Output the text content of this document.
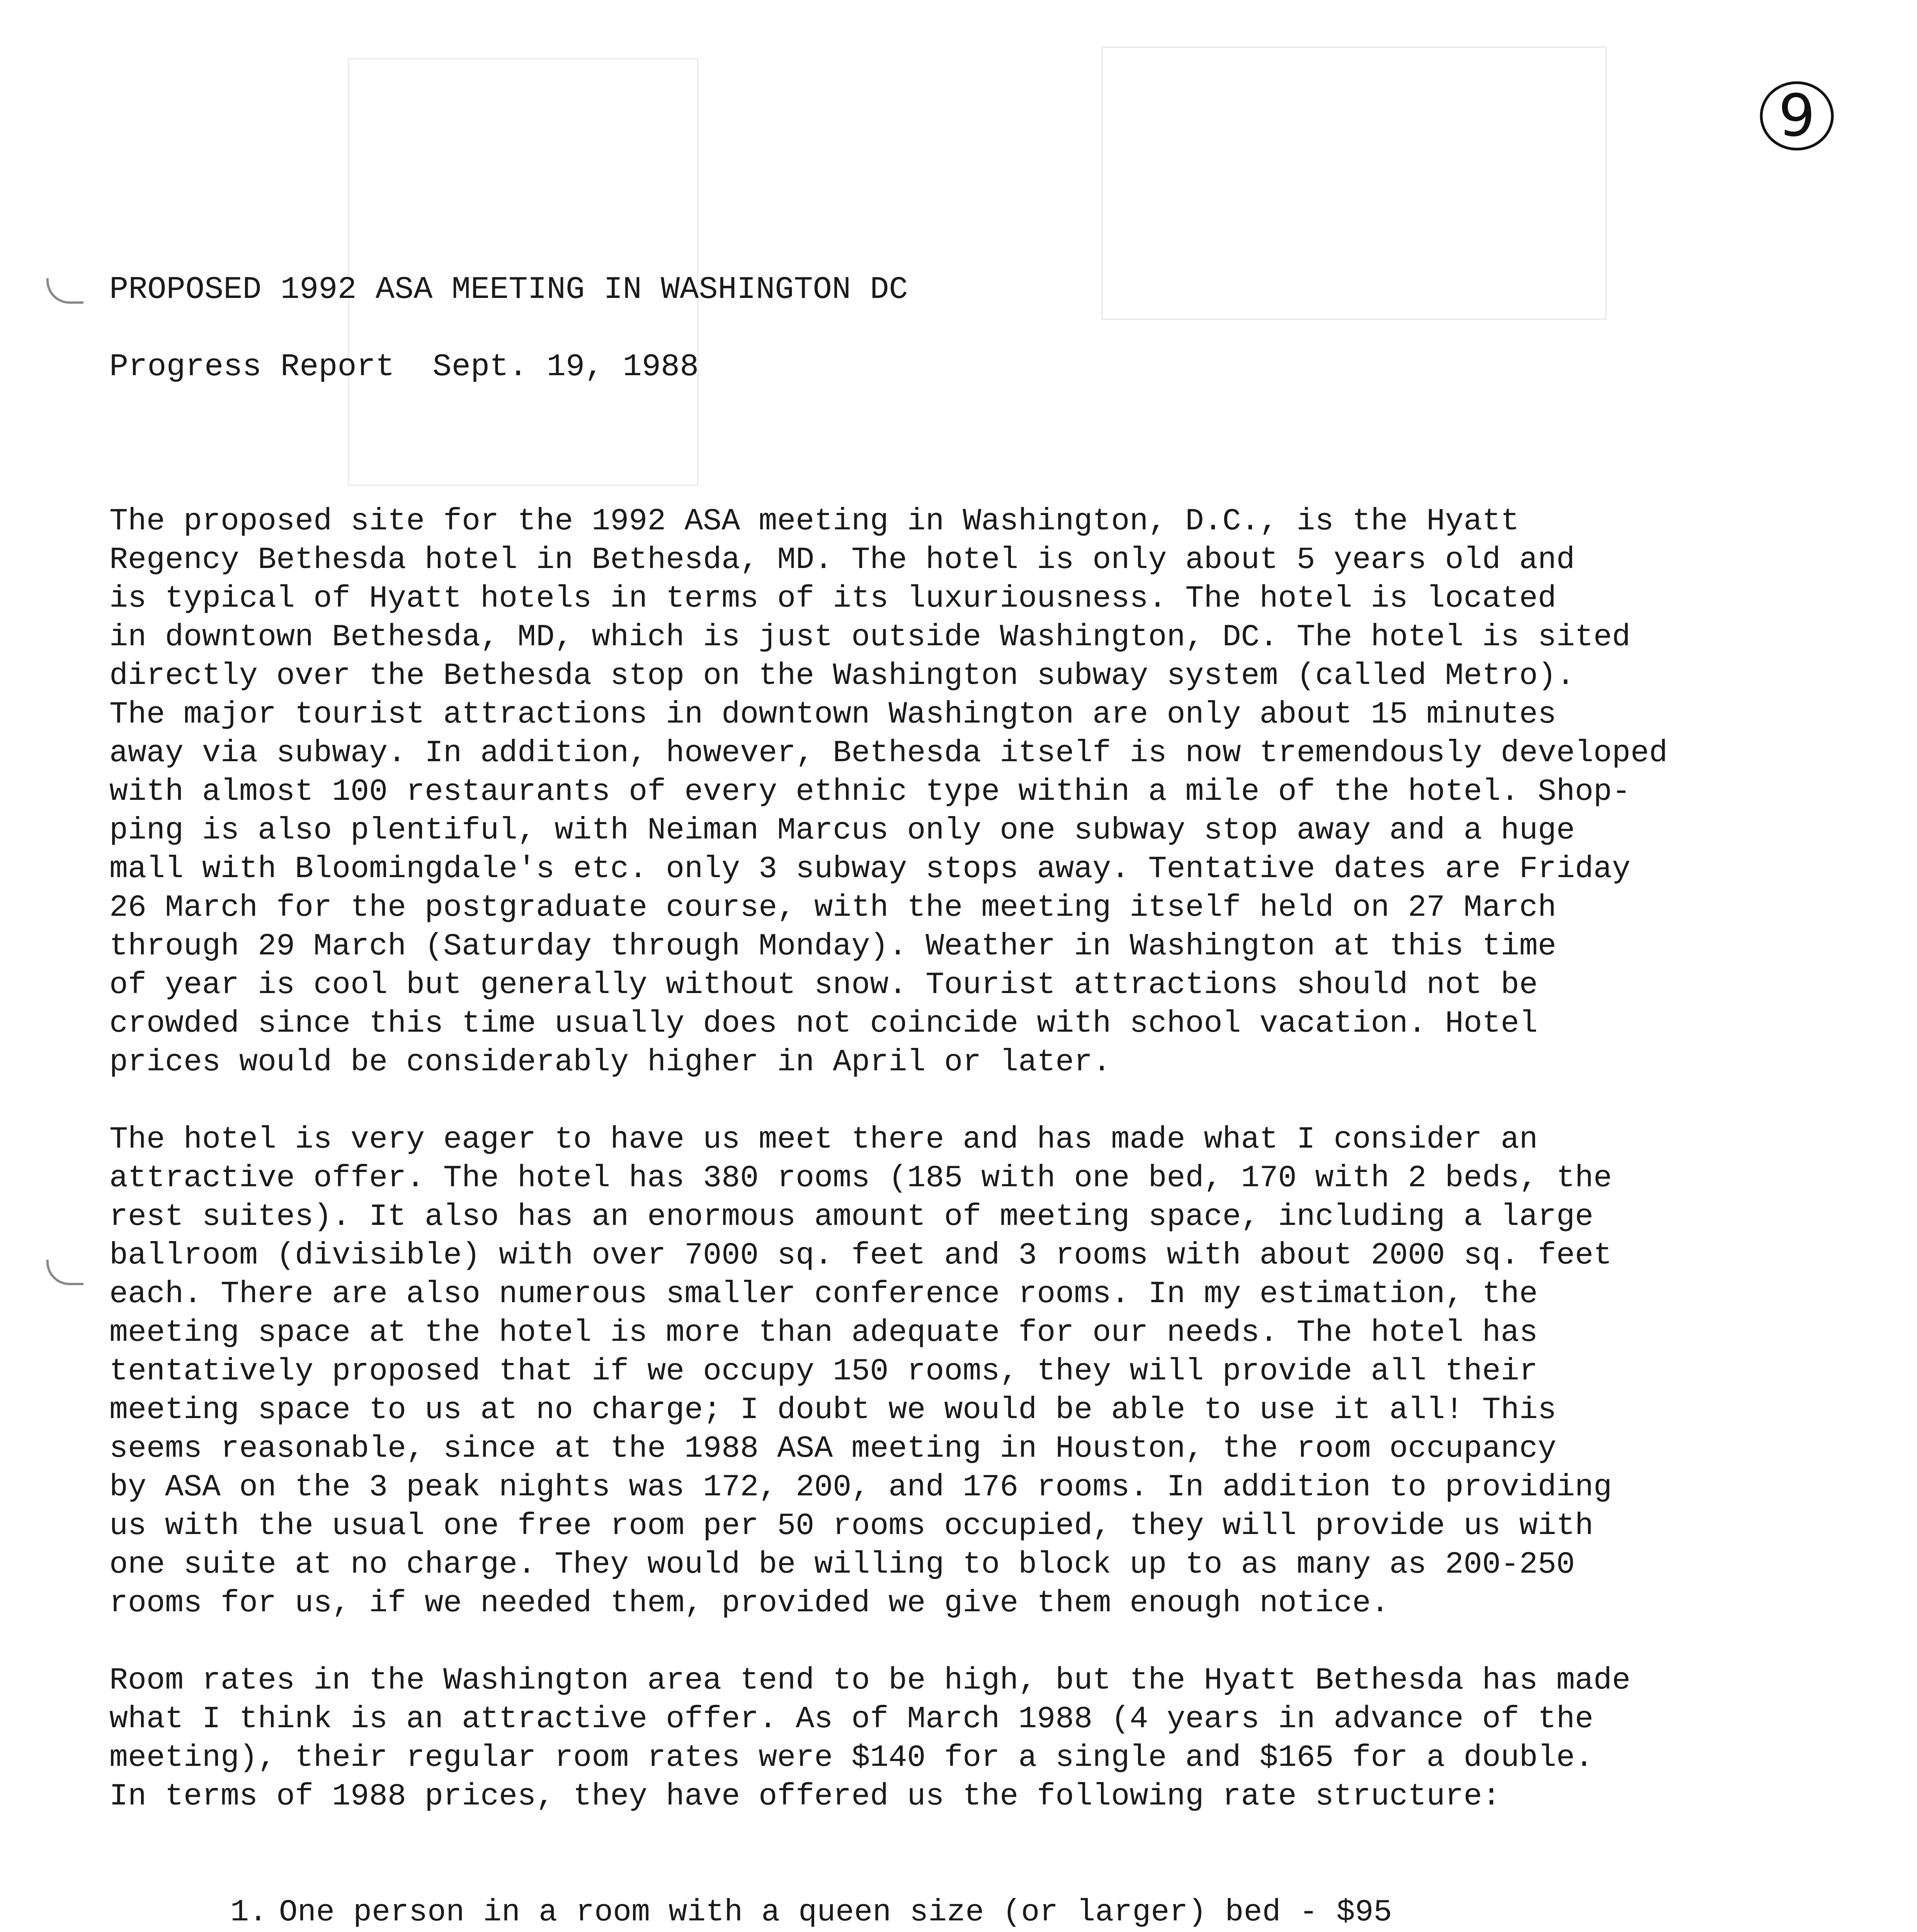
9
PROPOSED 1992 ASA MEETING IN WASHINGTON DC
Progress Report  Sept. 19, 1988
The proposed site for the 1992 ASA meeting in Washington, D.C., is the Hyatt
Regency Bethesda hotel in Bethesda, MD. The hotel is only about 5 years old and
is typical of Hyatt hotels in terms of its luxuriousness. The hotel is located
in downtown Bethesda, MD, which is just outside Washington, DC. The hotel is sited
directly over the Bethesda stop on the Washington subway system (called Metro).
The major tourist attractions in downtown Washington are only about 15 minutes
away via subway. In addition, however, Bethesda itself is now tremendously developed
with almost 100 restaurants of every ethnic type within a mile of the hotel. Shop-
ping is also plentiful, with Neiman Marcus only one subway stop away and a huge
mall with Bloomingdale's etc. only 3 subway stops away. Tentative dates are Friday
26 March for the postgraduate course, with the meeting itself held on 27 March
through 29 March (Saturday through Monday). Weather in Washington at this time
of year is cool but generally without snow. Tourist attractions should not be
crowded since this time usually does not coincide with school vacation. Hotel
prices would be considerably higher in April or later.
The hotel is very eager to have us meet there and has made what I consider an
attractive offer. The hotel has 380 rooms (185 with one bed, 170 with 2 beds, the
rest suites). It also has an enormous amount of meeting space, including a large
ballroom (divisible) with over 7000 sq. feet and 3 rooms with about 2000 sq. feet
each. There are also numerous smaller conference rooms. In my estimation, the
meeting space at the hotel is more than adequate for our needs. The hotel has
tentatively proposed that if we occupy 150 rooms, they will provide all their
meeting space to us at no charge; I doubt we would be able to use it all! This
seems reasonable, since at the 1988 ASA meeting in Houston, the room occupancy
by ASA on the 3 peak nights was 172, 200, and 176 rooms. In addition to providing
us with the usual one free room per 50 rooms occupied, they will provide us with
one suite at no charge. They would be willing to block up to as many as 200-250
rooms for us, if we needed them, provided we give them enough notice.
Room rates in the Washington area tend to be high, but the Hyatt Bethesda has made
what I think is an attractive offer. As of March 1988 (4 years in advance of the
meeting), their regular room rates were $140 for a single and $165 for a double.
In terms of 1988 prices, they have offered us the following rate structure:

1. One person in a room with a queen size (or larger) bed - $95
